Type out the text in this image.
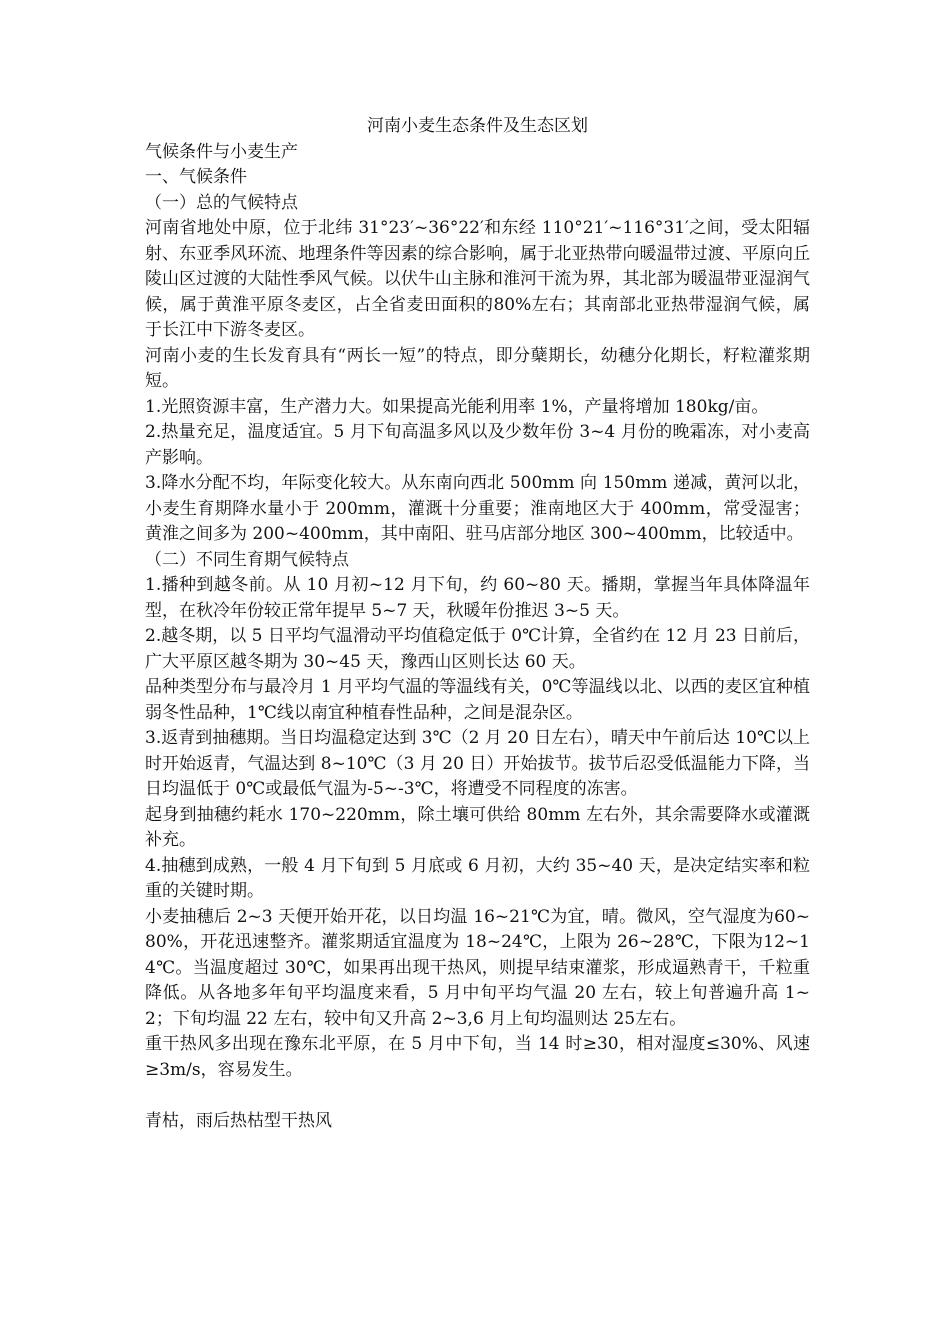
河南小麦生态条件及生态区划

气候条件与小麦生产

一、气候条件

（一）总的气候特点

河南省地处中原，位于北纬 31°23′~36°22′和东经 110°21′~116°31′之间，受太阳辐射、东亚季风环流、地理条件等因素的综合影响，属于北亚热带向暖温带过渡、平原向丘陵山区过渡的大陆性季风气候。以伏牛山主脉和淮河干流为界，其北部为暖温带亚湿润气候，属于黄淮平原冬麦区，占全省麦田面积的80%左右；其南部北亚热带湿润气候，属于长江中下游冬麦区。

河南小麦的生长发育具有“两长一短”的特点，即分蘖期长，幼穗分化期长，籽粒灌浆期短。

1.光照资源丰富，生产潜力大。如果提高光能利用率 1%，产量将增加 180kg/亩。

2.热量充足，温度适宜。5 月下旬高温多风以及少数年份 3~4 月份的晚霜冻，对小麦高产影响。

3.降水分配不均，年际变化较大。从东南向西北 500mm 向 150mm 递减，黄河以北，小麦生育期降水量小于 200mm，灌溉十分重要；淮南地区大于 400mm，常受湿害；黄淮之间多为 200~400mm，其中南阳、驻马店部分地区 300~400mm，比较适中。

（二）不同生育期气候特点

1.播种到越冬前。从 10 月初~12 月下旬，约 60~80 天。播期，掌握当年具体降温年型，在秋冷年份较正常年提早 5~7 天，秋暖年份推迟 3~5 天。

2.越冬期，以 5 日平均气温滑动平均值稳定低于 0℃计算，全省约在 12 月 23 日前后，广大平原区越冬期为 30~45 天，豫西山区则长达 60 天。

品种类型分布与最冷月 1 月平均气温的等温线有关，0℃等温线以北、以西的麦区宜种植弱冬性品种，1℃线以南宜种植春性品种，之间是混杂区。

3.返青到抽穗期。当日均温稳定达到 3℃（2 月 20 日左右），晴天中午前后达 10℃以上时开始返青，气温达到 8~10℃（3 月 20 日）开始拔节。拔节后忍受低温能力下降，当日均温低于 0℃或最低气温为-5~-3℃，将遭受不同程度的冻害。

起身到抽穗约耗水 170~220mm，除土壤可供给 80mm 左右外，其余需要降水或灌溉补充。

4.抽穗到成熟，一般 4 月下旬到 5 月底或 6 月初，大约 35~40 天，是决定结实率和粒重的关键时期。

小麦抽穗后 2~3 天便开始开花，以日均温 16~21℃为宜，晴。微风，空气湿度为60~80%，开花迅速整齐。灌浆期适宜温度为 18~24℃，上限为 26~28℃，下限为12~14℃。当温度超过 30℃，如果再出现干热风，则提早结束灌浆，形成逼熟青干，千粒重降低。从各地多年旬平均温度来看，5 月中旬平均气温 20 左右，较上旬普遍升高 1~2；下旬均温 22 左右，较中旬又升高 2~3,6 月上旬均温则达 25左右。

重干热风多出现在豫东北平原，在 5 月中下旬，当 14 时≥30，相对湿度≤30%、风速≥3m/s，容易发生。

青枯，雨后热枯型干热风
